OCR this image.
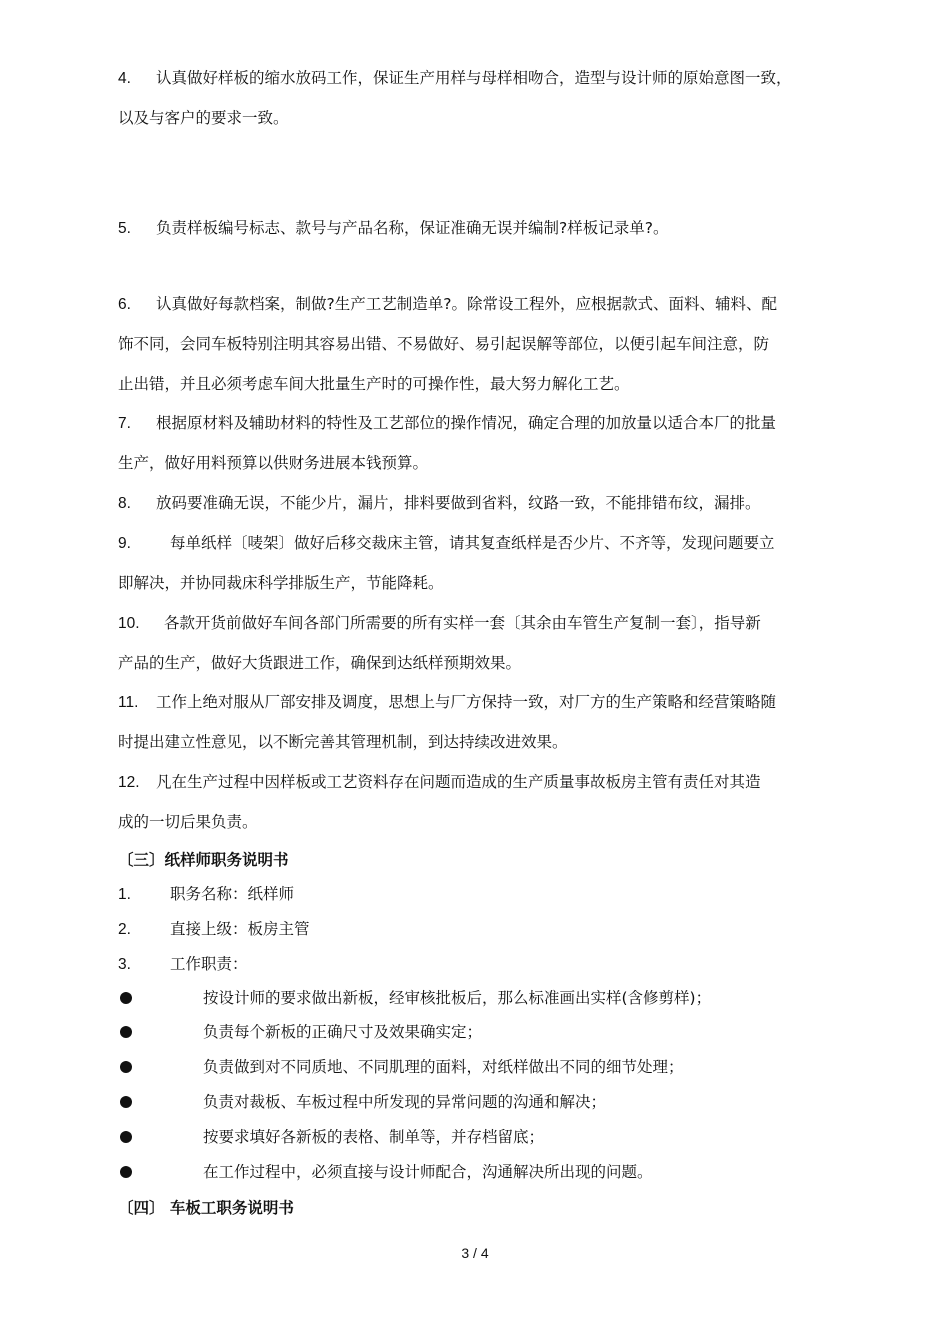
4. 认真做好样板的缩水放码工作，保证生产用样与母样相吻合，造型与设计师的原始意图一致，
以及与客户的要求一致。
5. 负责样板编号标志、款号与产品名称，保证准确无误并编制?样板记录单?。
6. 认真做好每款档案，制做?生产工艺制造单?。除常设工程外，应根据款式、面料、辅料、配
饰不同，会同车板特别注明其容易出错、不易做好、易引起误解等部位，以便引起车间注意，防
止出错，并且必须考虑车间大批量生产时的可操作性，最大努力解化工艺。
7. 根据原材料及辅助材料的特性及工艺部位的操作情况，确定合理的加放量以适合本厂的批量
生产，做好用料预算以供财务进展本钱预算。
8. 放码要准确无误，不能少片，漏片，排料要做到省料，纹路一致，不能排错布纹，漏排。
9.	每单纸样〔唛架〕做好后移交裁床主管，请其复查纸样是否少片、不齐等，发现问题要立
即解决，并协同裁床科学排版生产，节能降耗。
10. 各款开货前做好车间各部门所需要的所有实样一套〔其余由车管生产复制一套〕，指导新
产品的生产，做好大货跟进工作，确保到达纸样预期效果。
11. 工作上绝对服从厂部安排及调度，思想上与厂方保持一致，对厂方的生产策略和经营策略随
时提出建立性意见，以不断完善其管理机制，到达持续改进效果。
12. 凡在生产过程中因样板或工艺资料存在问题而造成的生产质量事故板房主管有责任对其造
成的一切后果负责。
〔三〕纸样师职务说明书
1.	职务名称：纸样师
2.	直接上级：板房主管
3.	工作职责：
按设计师的要求做出新板，经审核批板后，那么标准画出实样(含修剪样)；
负责每个新板的正确尺寸及效果确实定；
负责做到对不同质地、不同肌理的面料，对纸样做出不同的细节处理；
负责对裁板、车板过程中所发现的异常问题的沟通和解决；
按要求填好各新板的表格、制单等，并存档留底；
在工作过程中，必须直接与设计师配合，沟通解决所出现的问题。
〔四〕 车板工职务说明书
3 / 4
